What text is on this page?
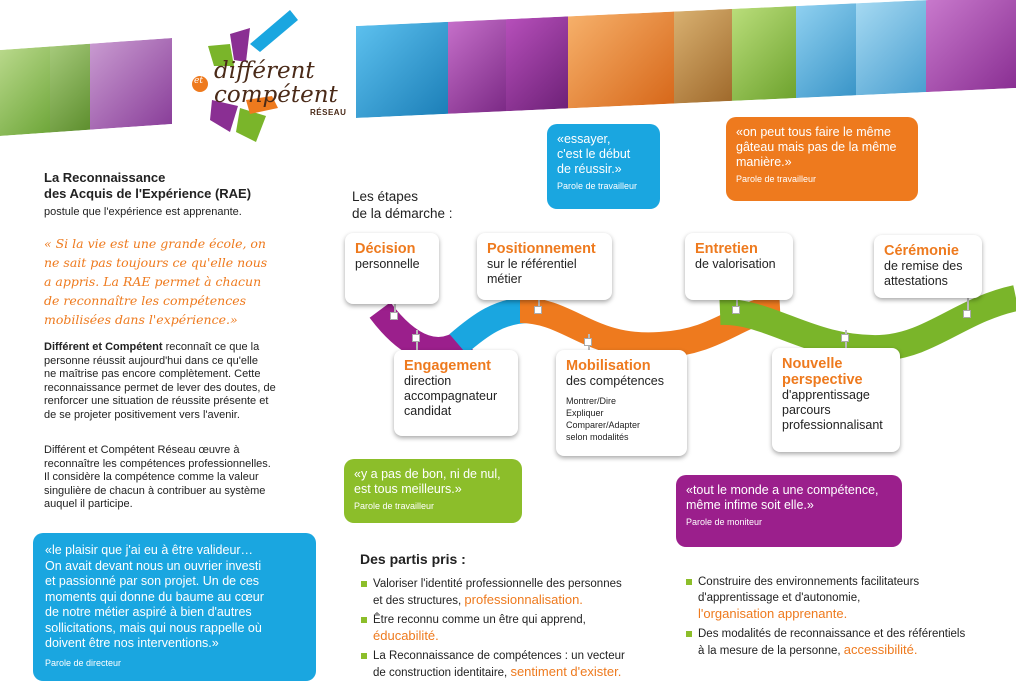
et différent
compétent
RÉSEAU
La Reconnaissance
des Acquis de l'Expérience (RAE)
postule que l'expérience est apprenante.
« Si la vie est une grande école, on
ne sait pas toujours ce qu'elle nous
a appris. La RAE permet à chacun
de reconnaître les compétences
mobilisées dans l'expérience.»
Différent et Compétent reconnaît ce que la
personne réussit aujourd'hui dans ce qu'elle
ne maîtrise pas encore complètement. Cette
reconnaissance permet de lever des doutes, de
renforcer une situation de réussite présente et
de se projeter positivement vers l'avenir.
Différent et Compétent Réseau œuvre à
reconnaître les compétences professionnelles.
Il considère la compétence comme la valeur
singulière de chacun à contribuer au système
auquel il participe.
«le plaisir que j'ai eu à être valideur…
On avait devant nous un ouvrier investi
et passionné par son projet. Un de ces
moments qui donne du baume au cœur
de notre métier aspiré à bien d'autres
sollicitations, mais qui nous rappelle où
doivent être nos interventions.»
Parole de directeur
«essayer,
c'est le début
de réussir.»
Parole de travailleur
«on peut tous faire le même
gâteau mais pas de la même
manière.»
Parole de travailleur
Les étapes
de la démarche :
Décision
personnelle
Positionnement
sur le référentiel
métier
Entretien
de valorisation
Cérémonie
de remise des
attestations
Engagement
direction
accompagnateur
candidat
Mobilisation
des compétences
Montrer/Dire
Expliquer
Comparer/Adapter
selon modalités
Nouvelle
perspective
d'apprentissage
parcours
professionnalisant
«y a pas de bon, ni de nul,
est tous meilleurs.»
Parole de travailleur
«tout le monde a une compétence,
même infime soit elle.»
Parole de moniteur
Des partis pris :
Valoriser l'identité professionnelle des personnes
et des structures, professionnalisation.
Être reconnu comme un être qui apprend,
éducabilité.
La Reconnaissance de compétences : un vecteur
de construction identitaire, sentiment d'exister.
Construire des environnements facilitateurs
d'apprentissage et d'autonomie,
l'organisation apprenante.
Des modalités de reconnaissance et des référentiels
à la mesure de la personne, accessibilité.
